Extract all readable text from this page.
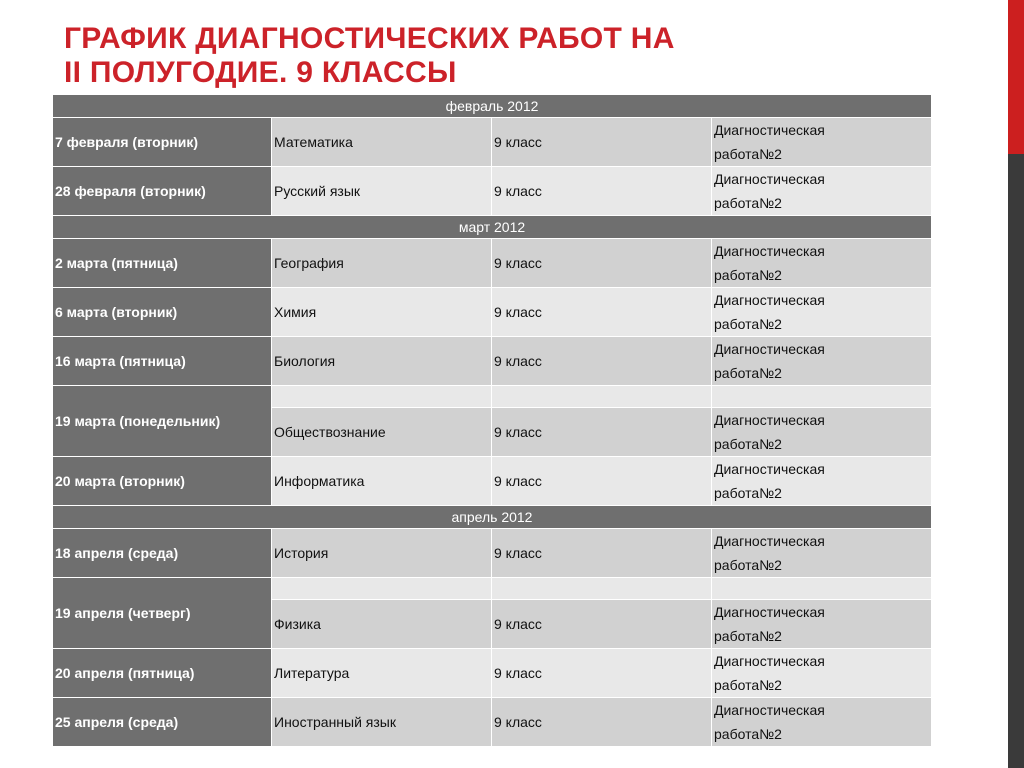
ГРАФИК ДИАГНОСТИЧЕСКИХ РАБОТ НА
II ПОЛУГОДИЕ. 9 КЛАССЫ
февраль 2012			
7 февраля (вторник)	Математика	9 класс	Диагностическая
работа№2
28 февраля (вторник)	Русский язык	9 класс	Диагностическая
работа№2
март 2012			
2 марта (пятница)	География	9 класс	Диагностическая
работа№2
6 марта (вторник)	Химия	9 класс	Диагностическая
работа№2
16 марта (пятница)	Биология	9 класс	Диагностическая
работа№2
19 марта (понедельник)			
	Обществознание	9 класс	Диагностическая
работа№2
20 марта (вторник)	Информатика	9 класс	Диагностическая
работа№2
апрель 2012			
18 апреля (среда)	История	9 класс	Диагностическая
работа№2
19 апреля (четверг)			
	Физика	9 класс	Диагностическая
работа№2
20 апреля (пятница)	Литература	9 класс	Диагностическая
работа№2
25 апреля (среда)	Иностранный язык	9 класс	Диагностическая
работа№2
